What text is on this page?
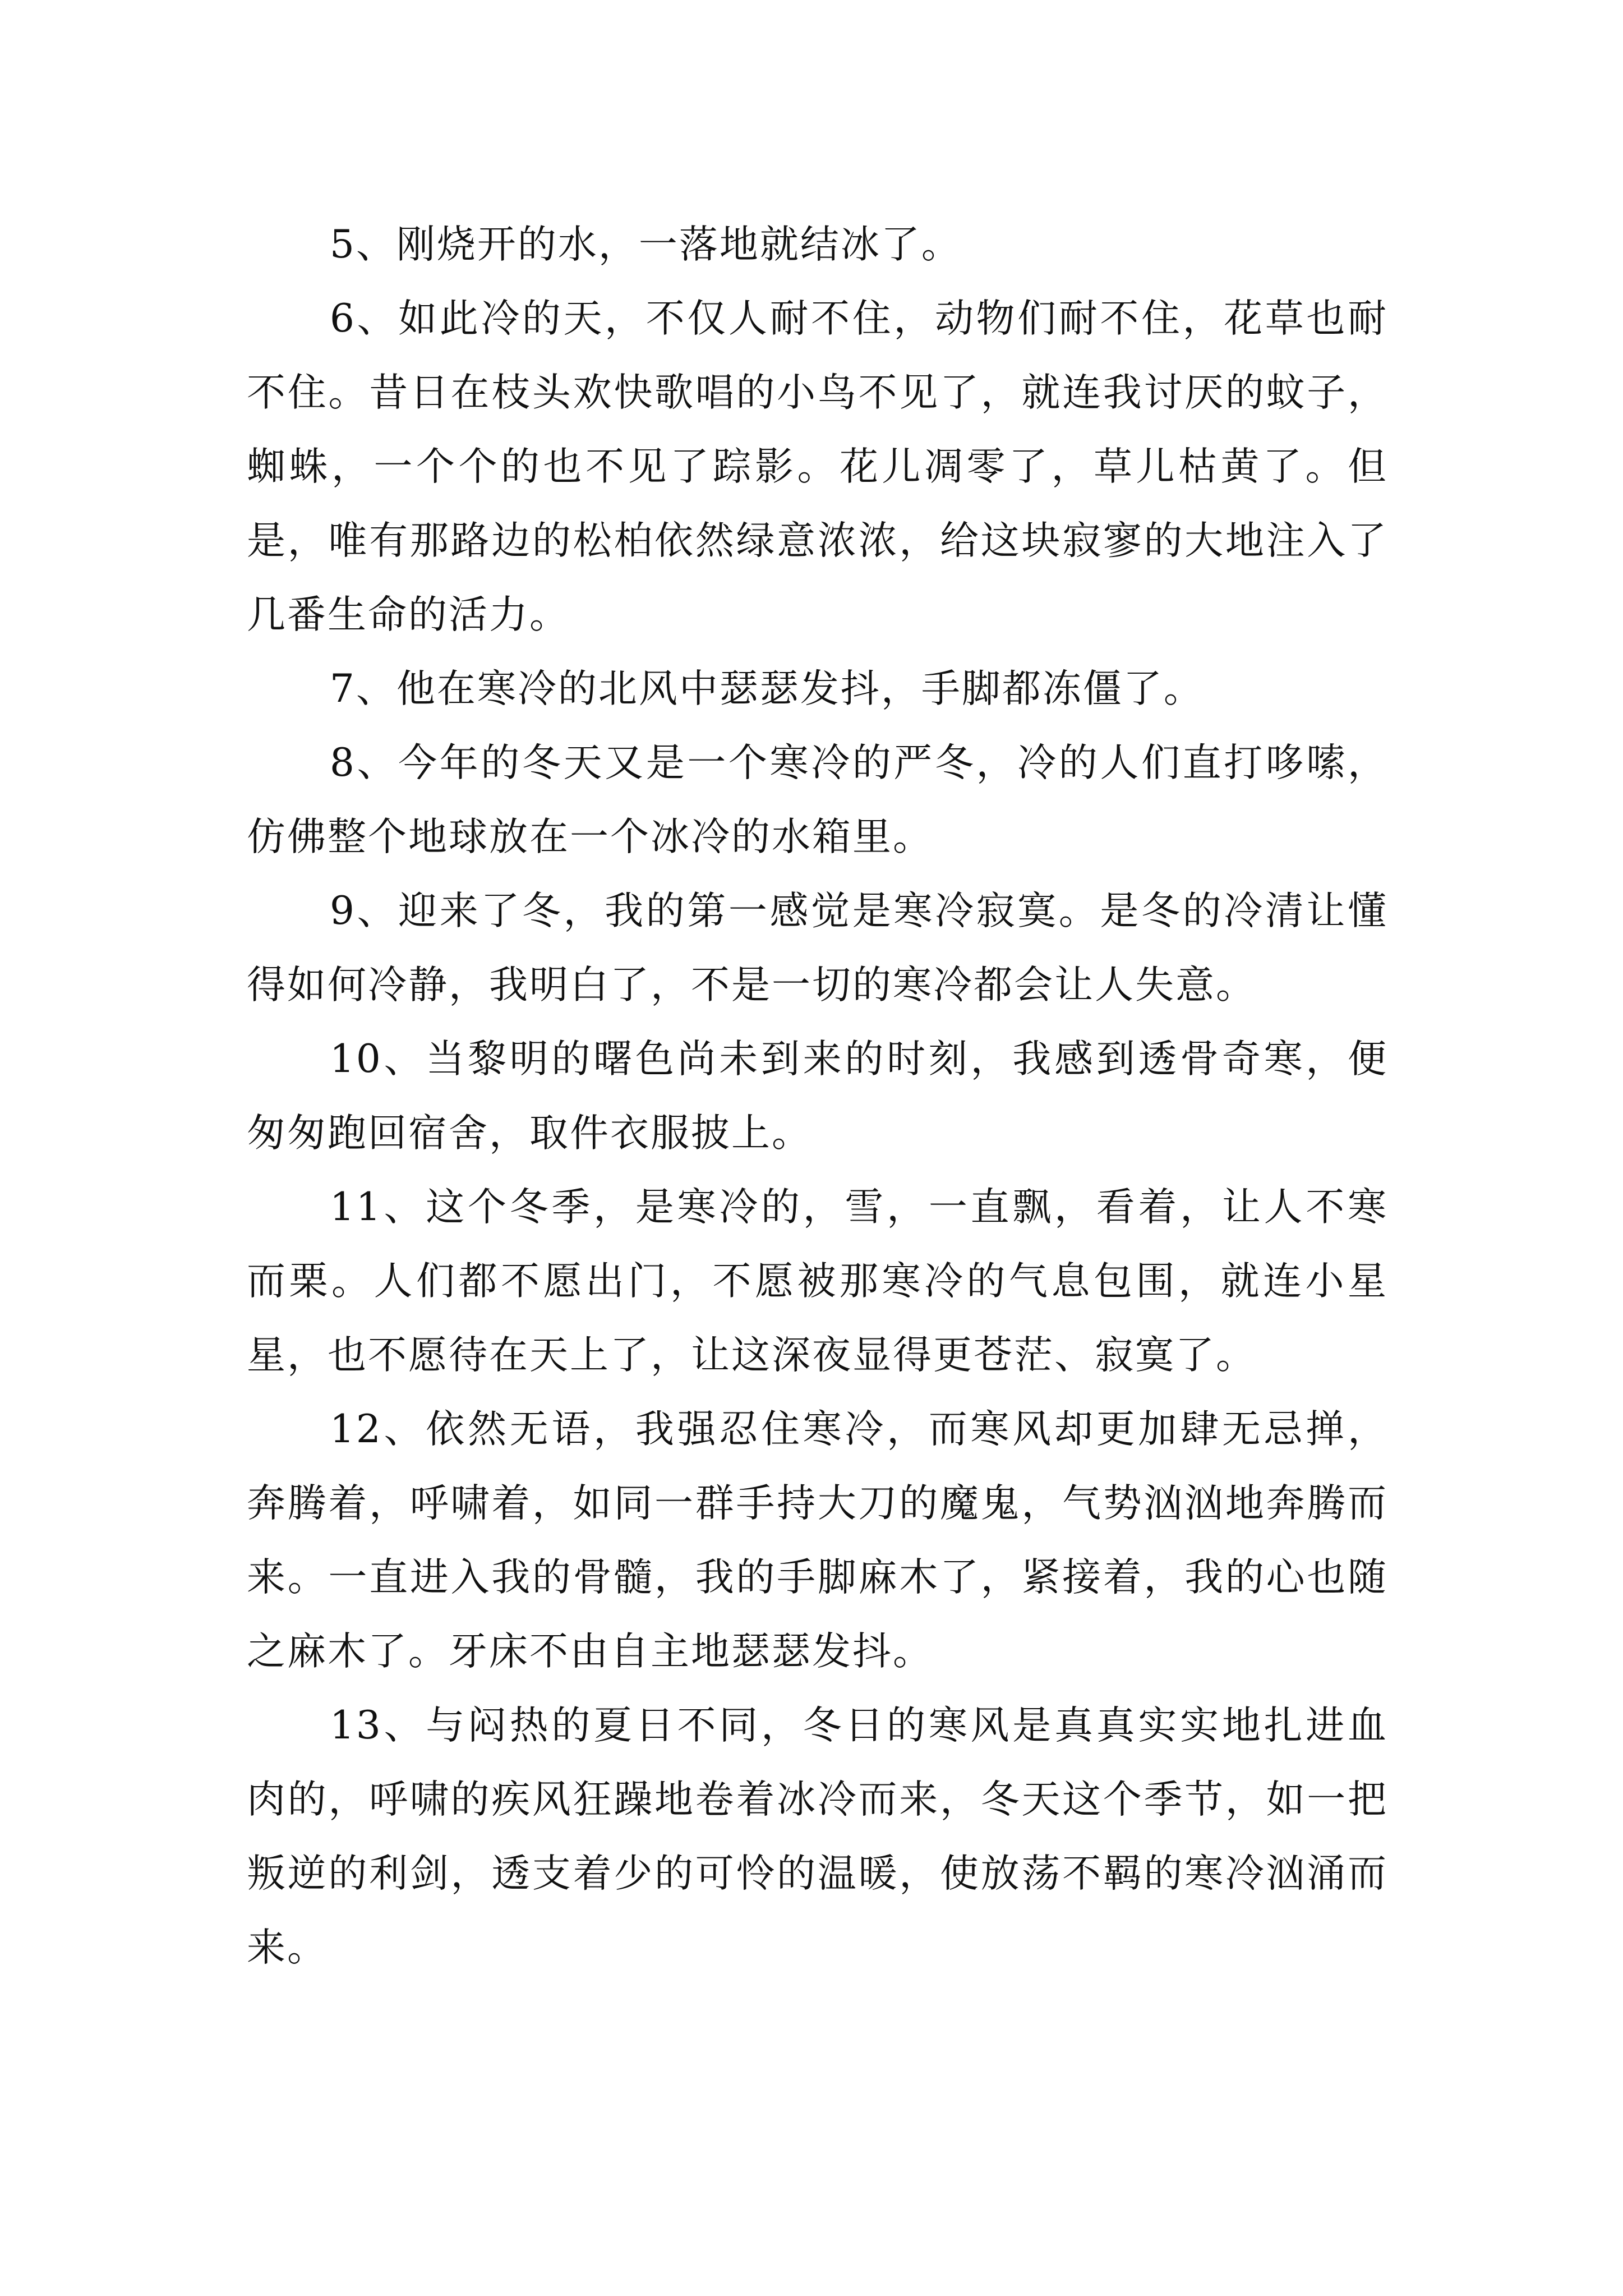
5、刚烧开的水，一落地就结冰了。

6、如此冷的天，不仅人耐不住，动物们耐不住，花草也耐不住。昔日在枝头欢快歌唱的小鸟不见了，就连我讨厌的蚊子，蜘蛛，一个个的也不见了踪影。花儿凋零了，草儿枯黄了。但是，唯有那路边的松柏依然绿意浓浓，给这块寂寥的大地注入了几番生命的活力。

7、他在寒冷的北风中瑟瑟发抖，手脚都冻僵了。

8、今年的冬天又是一个寒冷的严冬，冷的人们直打哆嗦，仿佛整个地球放在一个冰冷的水箱里。

9、迎来了冬，我的第一感觉是寒冷寂寞。是冬的冷清让懂得如何冷静，我明白了，不是一切的寒冷都会让人失意。

10、当黎明的曙色尚未到来的时刻，我感到透骨奇寒，便匆匆跑回宿舍，取件衣服披上。

11、这个冬季，是寒冷的，雪，一直飘，看着，让人不寒而栗。人们都不愿出门，不愿被那寒冷的气息包围，就连小星星，也不愿待在天上了，让这深夜显得更苍茫、寂寞了。

12、依然无语，我强忍住寒冷，而寒风却更加肆无忌掸，奔腾着，呼啸着，如同一群手持大刀的魔鬼，气势汹汹地奔腾而来。一直进入我的骨髓，我的手脚麻木了，紧接着，我的心也随之麻木了。牙床不由自主地瑟瑟发抖。

13、与闷热的夏日不同，冬日的寒风是真真实实地扎进血肉的，呼啸的疾风狂躁地卷着冰冷而来，冬天这个季节，如一把叛逆的利剑，透支着少的可怜的温暖，使放荡不羁的寒冷汹涌而来。
